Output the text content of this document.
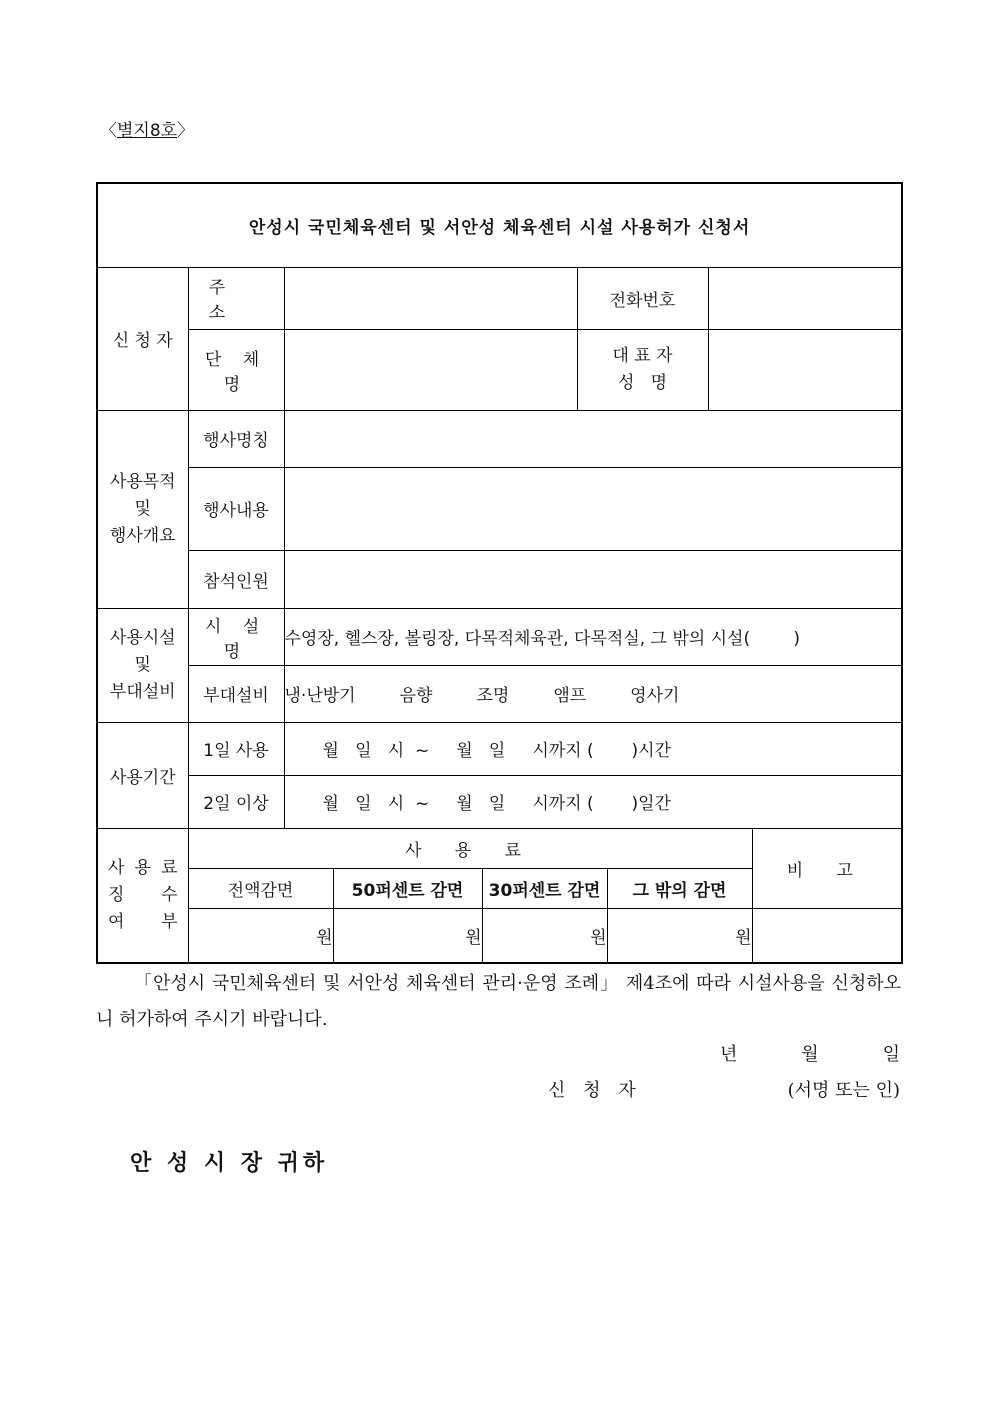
〈별지8호〉
안성시 국민체육센터 및 서안성 체육센터 시설 사용허가 신청서								
신 청 자	주 소				전화번호			
	단 체 명				대 표 자
성   명			

사용목적
및
행사개요	행사명칭							
	행사내용							
	참석인원							

사용시설
및
부대설비	시 설 명	수영장, 헬스장, 볼링장, 다목적체육관, 다목적실, 그 밖의 시설(        )						
	부대설비	냉·난방기 음향 조명 앰프 영사기						
사용기간	1일 사용	월   일   시  ~     월   일     시까지 (       )시간						
	2일 이상	월   일   시  ~     월   일     시까지 (       )일간						

사 용 료
징     수
여     부	사 용 료							비 고
	전액감면		50퍼센트 감면	30퍼센트 감면		그 밖의 감면		
	원		원	원		원		
「안성시 국민체육센터 및 서안성 체육센터 관리·운영 조례」 제4조에 따라 시설사용을 신청하오니 허가하여 주시기 바랍니다.
년	월	일
신 청 자	(서명 또는 인)
안 성 시 장 귀하
